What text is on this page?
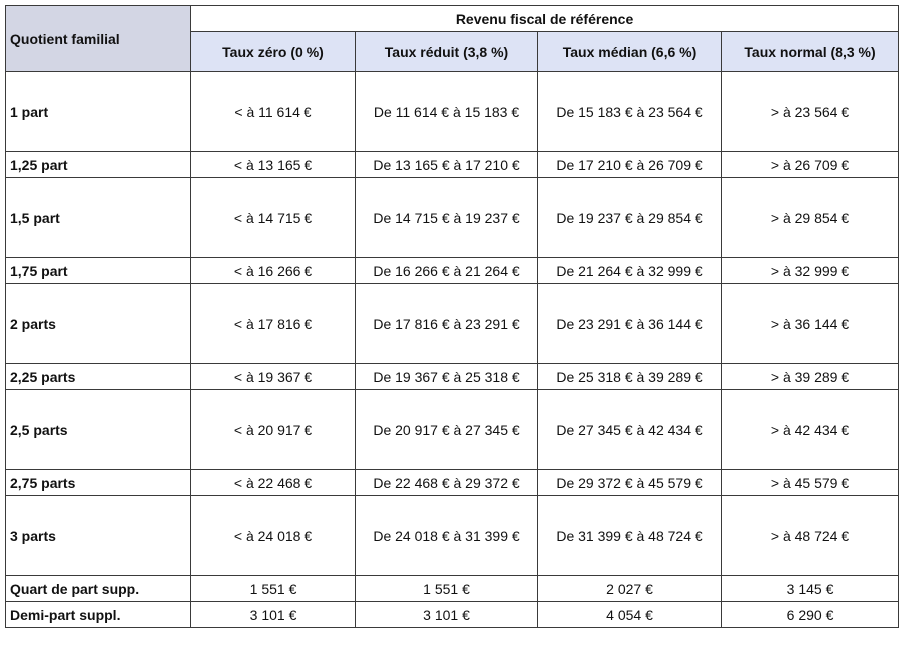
Quotient familial	Revenu fiscal de référence			
	Taux zéro (0 %)	Taux réduit (3,8 %)	Taux médian (6,6 %)	Taux normal (8,3 %)
1 part	< à 11 614 €	De 11 614 € à 15 183 €	De 15 183 € à 23 564 €	> à 23 564 €
1,25 part	< à 13 165 €	De 13 165 € à 17 210 €	De 17 210 € à 26 709 €	> à 26 709 €
1,5 part	< à 14 715 €	De 14 715 € à 19 237 €	De 19 237 € à 29 854 €	> à 29 854 €
1,75 part	< à 16 266 €	De 16 266 € à 21 264 €	De 21 264 € à 32 999 €	> à 32 999 €
2 parts	< à 17 816 €	De 17 816 € à 23 291 €	De 23 291 € à 36 144 €	> à 36 144 €
2,25 parts	< à 19 367 €	De 19 367 € à 25 318 €	De 25 318 € à 39 289 €	> à 39 289 €
2,5 parts	< à 20 917 €	De 20 917 € à 27 345 €	De 27 345 € à 42 434 €	> à 42 434 €
2,75 parts	< à 22 468 €	De 22 468 € à 29 372 €	De 29 372 € à 45 579 €	> à 45 579 €
3 parts	< à 24 018 €	De 24 018 € à 31 399 €	De 31 399 € à 48 724 €	> à 48 724 €
Quart de part supp.	1 551 €	1 551 €	2 027 €	3 145 €
Demi-part suppl.	3 101 €	3 101 €	4 054 €	6 290 €
